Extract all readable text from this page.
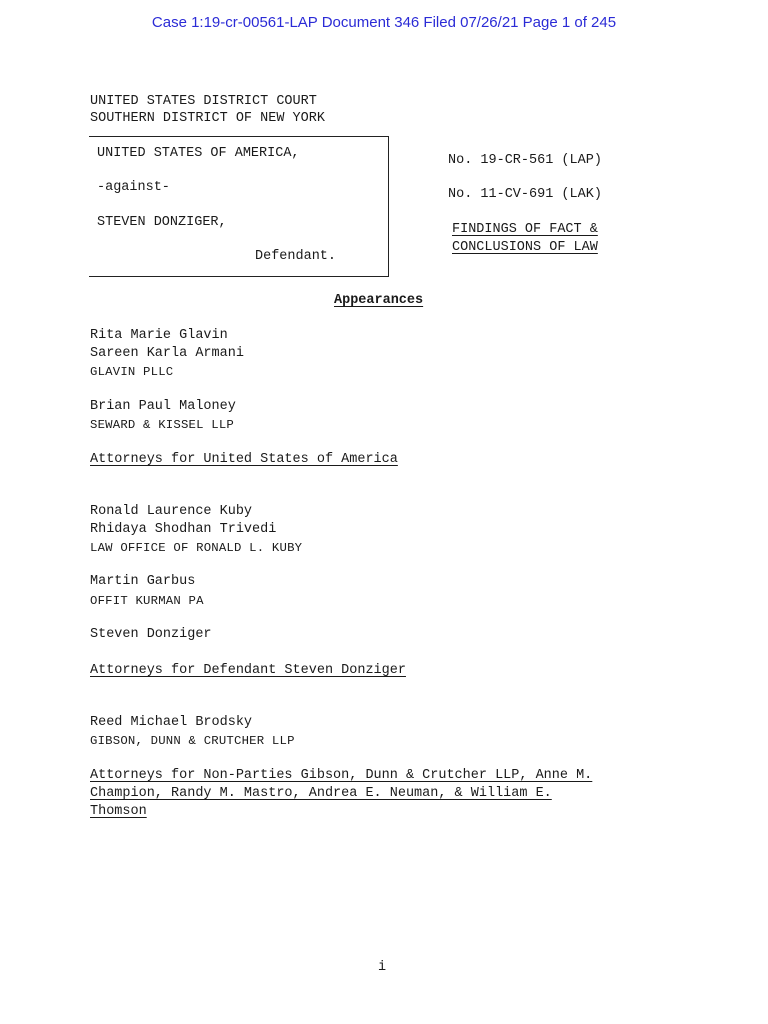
Case 1:19-cr-00561-LAP Document 346 Filed 07/26/21 Page 1 of 245
UNITED STATES DISTRICT COURT
SOUTHERN DISTRICT OF NEW YORK
UNITED STATES OF AMERICA,
-against-
STEVEN DONZIGER,
Defendant.
No. 19-CR-561 (LAP)
No. 11-CV-691 (LAK)
FINDINGS OF FACT &
CONCLUSIONS OF LAW
Appearances
Rita Marie Glavin
Sareen Karla Armani
GLAVIN PLLC
Brian Paul Maloney
SEWARD & KISSEL LLP
Attorneys for United States of America
Ronald Laurence Kuby
Rhidaya Shodhan Trivedi
LAW OFFICE OF RONALD L. KUBY
Martin Garbus
OFFIT KURMAN PA
Steven Donziger
Attorneys for Defendant Steven Donziger
Reed Michael Brodsky
GIBSON, DUNN & CRUTCHER LLP
Attorneys for Non-Parties Gibson, Dunn & Crutcher LLP, Anne M.
Champion, Randy M. Mastro, Andrea E. Neuman, & William E.
Thomson
i
